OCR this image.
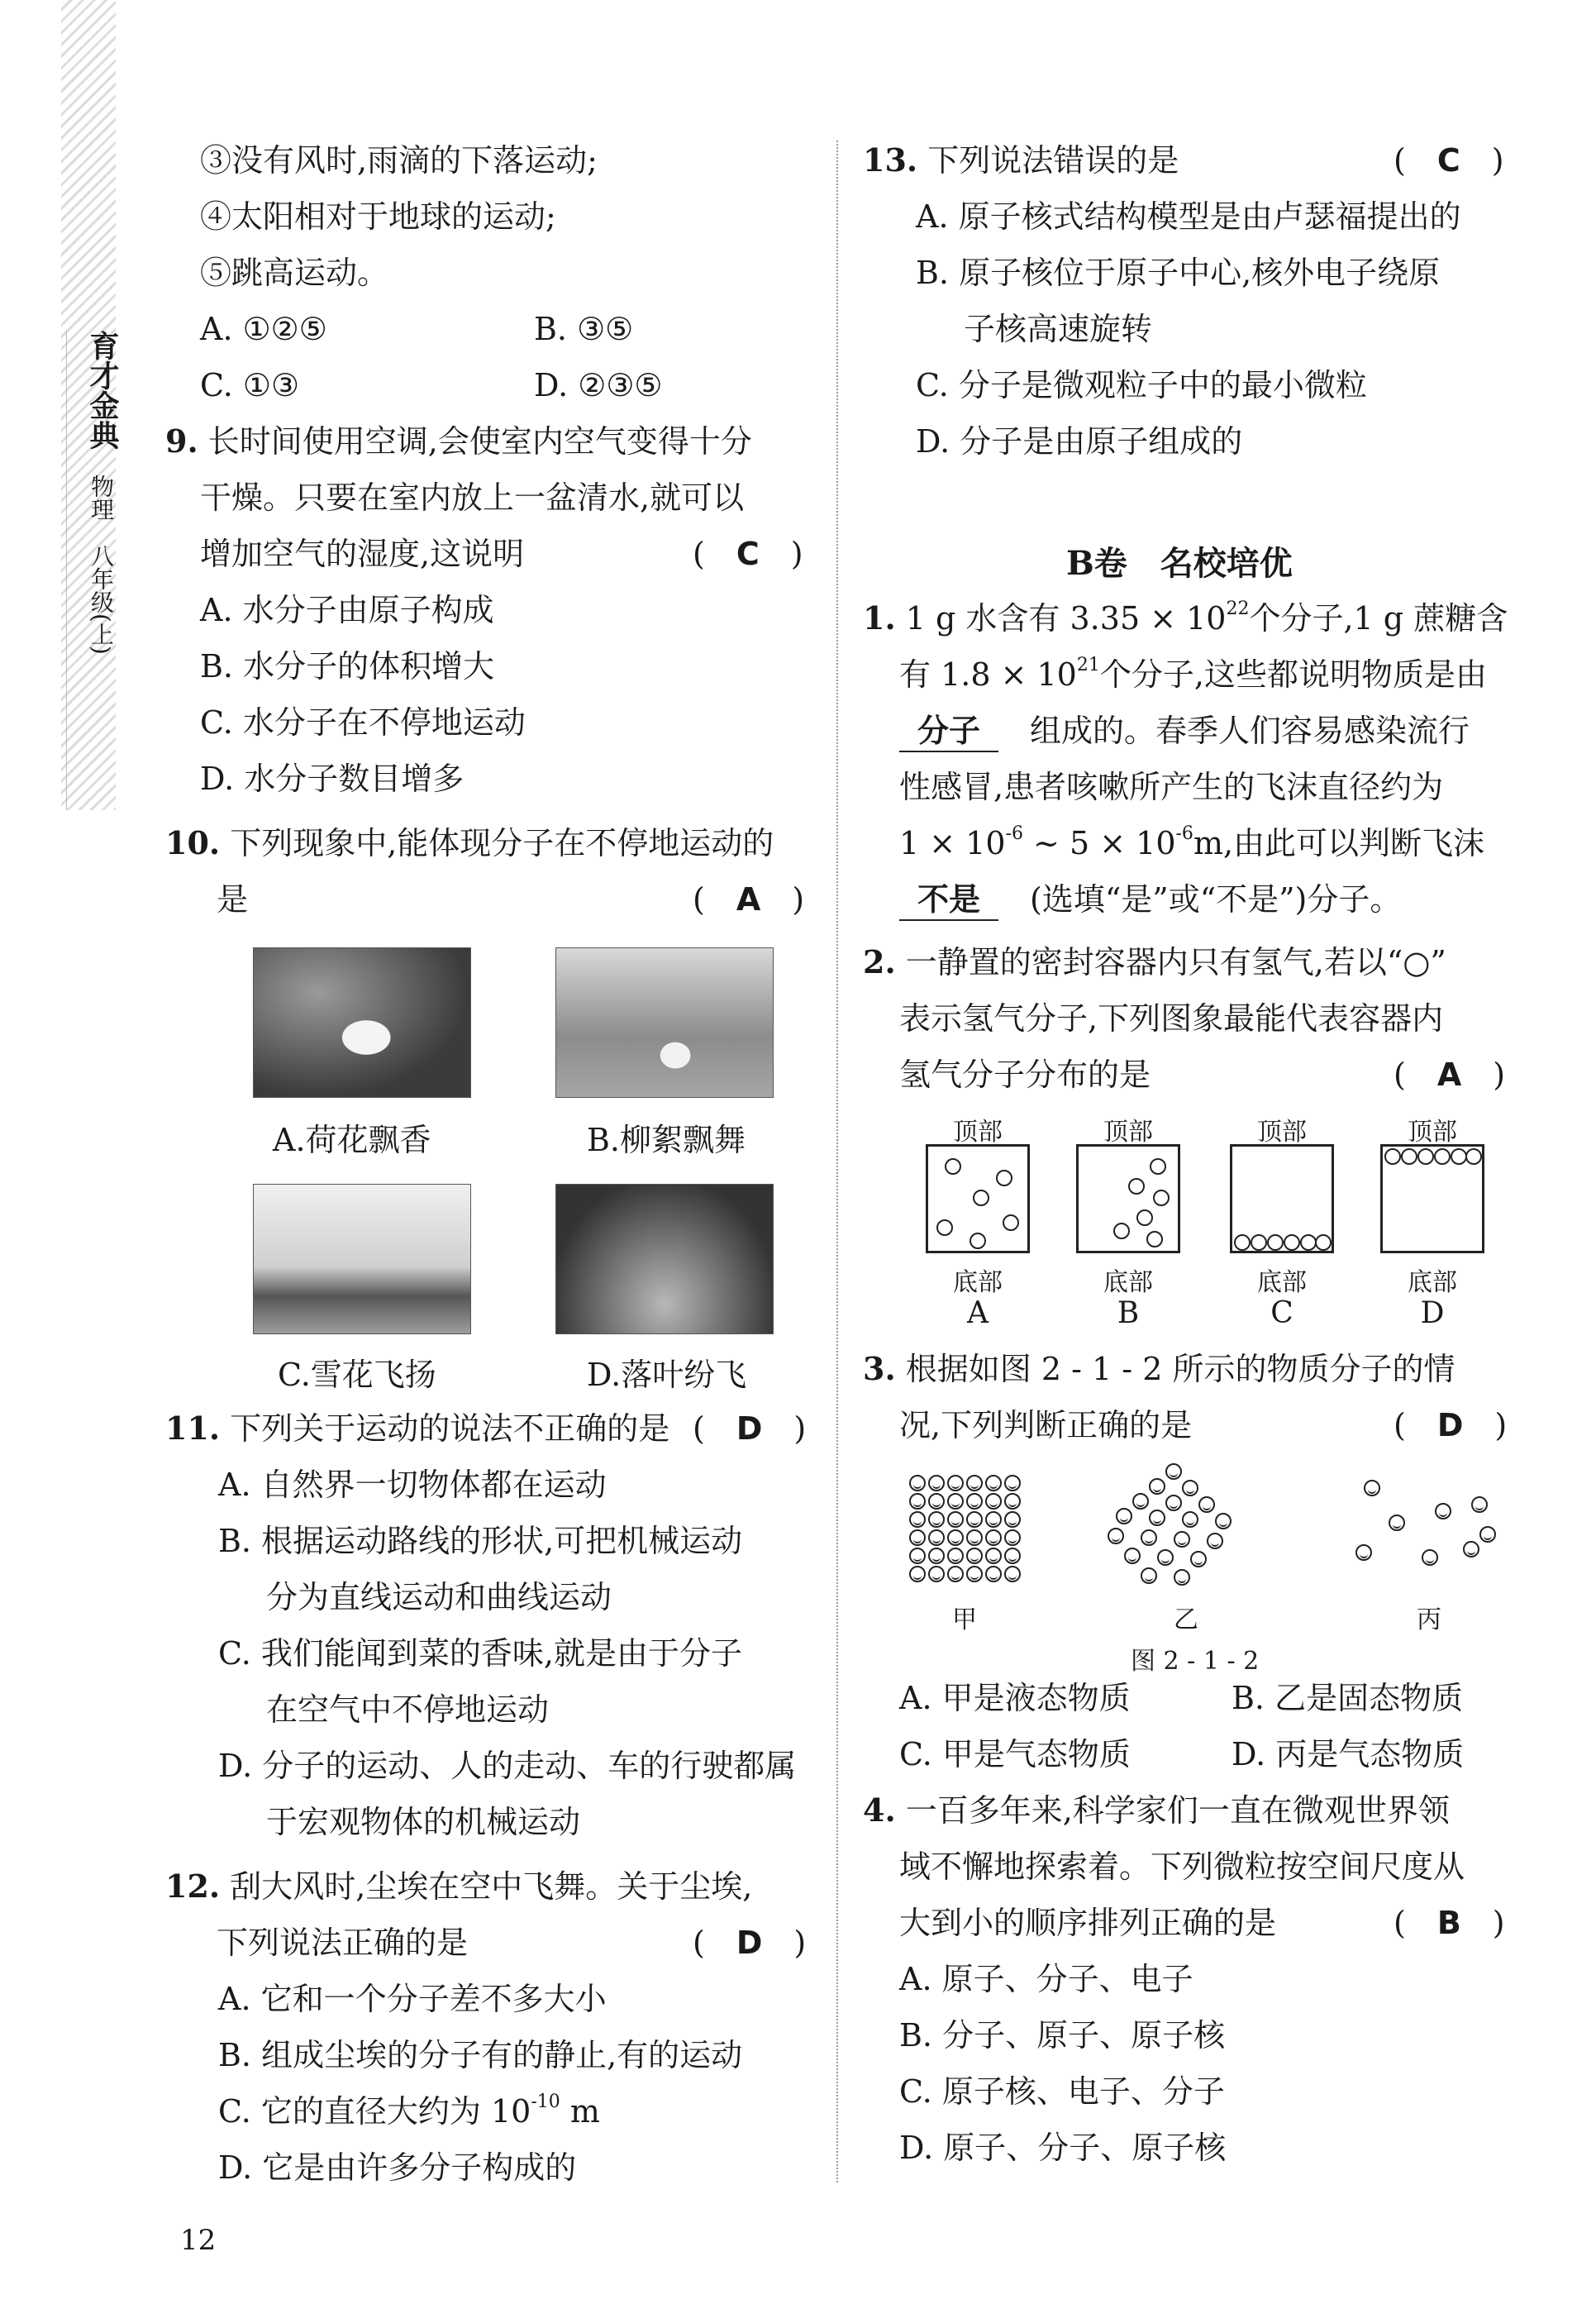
育才金典
物理
八年级(上)
③没有风时,雨滴的下落运动;
④太阳相对于地球的运动;
⑤跳高运动。
A. ①②⑤	B. ③⑤
C. ①③	D. ②③⑤
9. 长时间使用空调,会使室内空气变得十分
干燥。只要在室内放上一盆清水,就可以
增加空气的湿度,这说明	(　C　)
A. 水分子由原子构成
B. 水分子的体积增大
C. 水分子在不停地运动
D. 水分子数目增多
10. 下列现象中,能体现分子在不停地运动的
是	(　A　)
A.荷花飘香	B.柳絮飘舞
C.雪花飞扬	D.落叶纷飞
11. 下列关于运动的说法不正确的是 (　D　)
A. 自然界一切物体都在运动
B. 根据运动路线的形状,可把机械运动
分为直线运动和曲线运动
C. 我们能闻到菜的香味,就是由于分子
在空气中不停地运动
D. 分子的运动、人的走动、车的行驶都属
于宏观物体的机械运动
12. 刮大风时,尘埃在空中飞舞。关于尘埃,
下列说法正确的是	(　D　)
A. 它和一个分子差不多大小
B. 组成尘埃的分子有的静止,有的运动
C. 它的直径大约为 $10^{-10}$ m
D. 它是由许多分子构成的
12
13. 下列说法错误的是	(　C　)
A. 原子核式结构模型是由卢瑟福提出的
B. 原子核位于原子中心,核外电子绕原
子核高速旋转
C. 分子是微观粒子中的最小微粒
D. 分子是由原子组成的
B卷　名校培优
1. 1 g 水含有 $3.35 \times 10^{22}$个分子,1 g 蔗糖含
有 $1.8 \times 10^{21}$个分子,这些都说明物质是由
分子　 组成的。春季人们容易感染流行
性感冒,患者咳嗽所产生的飞沫直径约为
$1 \times 10^{-6}$ ~ $5 \times 10^{-6}m$,由此可以判断飞沫
不是　 (选填“是”或“不是”)分子。
2. 一静置的密封容器内只有氢气,若以“○”
表示氢气分子,下列图象最能代表容器内
氢气分子分布的是	(　A　)
顶部	顶部	顶部	顶部
底部	底部	底部	底部
A	B	C	D
3. 根据如图 2 - 1 - 2 所示的物质分子的情
况,下列判断正确的是	(　D　)
甲	乙	丙
图 2 - 1 - 2
A. 甲是液态物质	B. 乙是固态物质
C. 甲是气态物质	D. 丙是气态物质
4. 一百多年来,科学家们一直在微观世界领
域不懈地探索着。下列微粒按空间尺度从
大到小的顺序排列正确的是	(　B　)
A. 原子、分子、电子
B. 分子、原子、原子核
C. 原子核、电子、分子
D. 原子、分子、原子核
